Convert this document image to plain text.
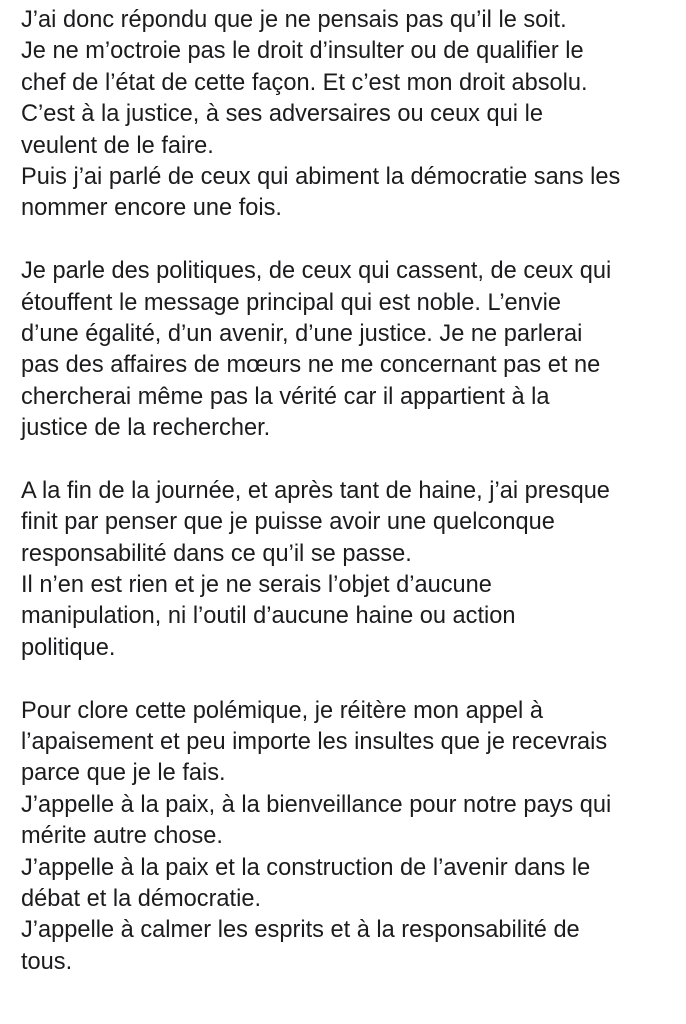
J’ai donc répondu que je ne pensais pas qu’il le soit.
Je ne m’octroie pas le droit d’insulter ou de qualifier le
chef de l’état de cette façon. Et c’est mon droit absolu.
C’est à la justice, à ses adversaires ou ceux qui le
veulent de le faire.
Puis j’ai parlé de ceux qui abiment la démocratie sans les
nommer encore une fois.
Je parle des politiques, de ceux qui cassent, de ceux qui
étouffent le message principal qui est noble. L’envie
d’une égalité, d’un avenir, d’une justice. Je ne parlerai
pas des affaires de mœurs ne me concernant pas et ne
chercherai même pas la vérité car il appartient à la
justice de la rechercher.
A la fin de la journée, et après tant de haine, j’ai presque
finit par penser que je puisse avoir une quelconque
responsabilité dans ce qu’il se passe.
Il n’en est rien et je ne serais l’objet d’aucune
manipulation, ni l’outil d’aucune haine ou action
politique.
Pour clore cette polémique, je réitère mon appel à
l’apaisement et peu importe les insultes que je recevrais
parce que je le fais.
J’appelle à la paix, à la bienveillance pour notre pays qui
mérite autre chose.
J’appelle à la paix et la construction de l’avenir dans le
débat et la démocratie.
J’appelle à calmer les esprits et à la responsabilité de
tous.
